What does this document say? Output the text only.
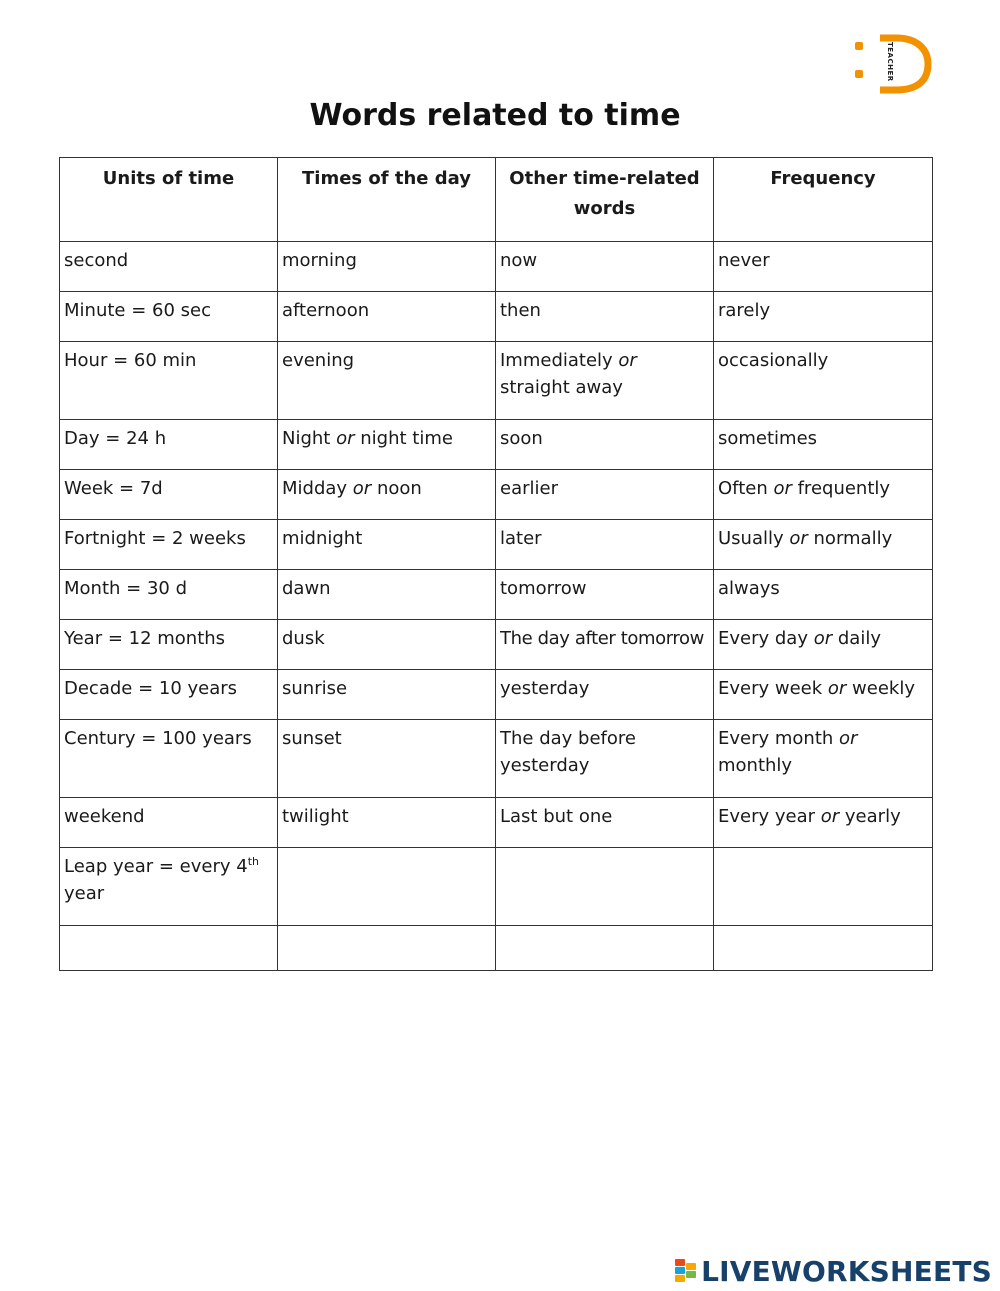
TEACHER
Words related to time
Units of time	Times of the day	Other time-related words	Frequency
second	morning	now	never
Minute = 60 sec	afternoon	then	rarely
Hour = 60 min	evening	Immediately or straight away	occasionally
Day = 24 h	Night or night time	soon	sometimes
Week = 7d	Midday or noon	earlier	Often or frequently
Fortnight = 2 weeks	midnight	later	Usually or normally
Month = 30 d	dawn	tomorrow	always
Year = 12 months	dusk	The day after tomorrow	Every day or daily
Decade = 10 years	sunrise	yesterday	Every week or weekly
Century = 100 years	sunset	The day before yesterday	Every month or monthly
weekend	twilight	Last but one	Every year or yearly
Leap year = every 4th year			

LIVEWORKSHEETS
